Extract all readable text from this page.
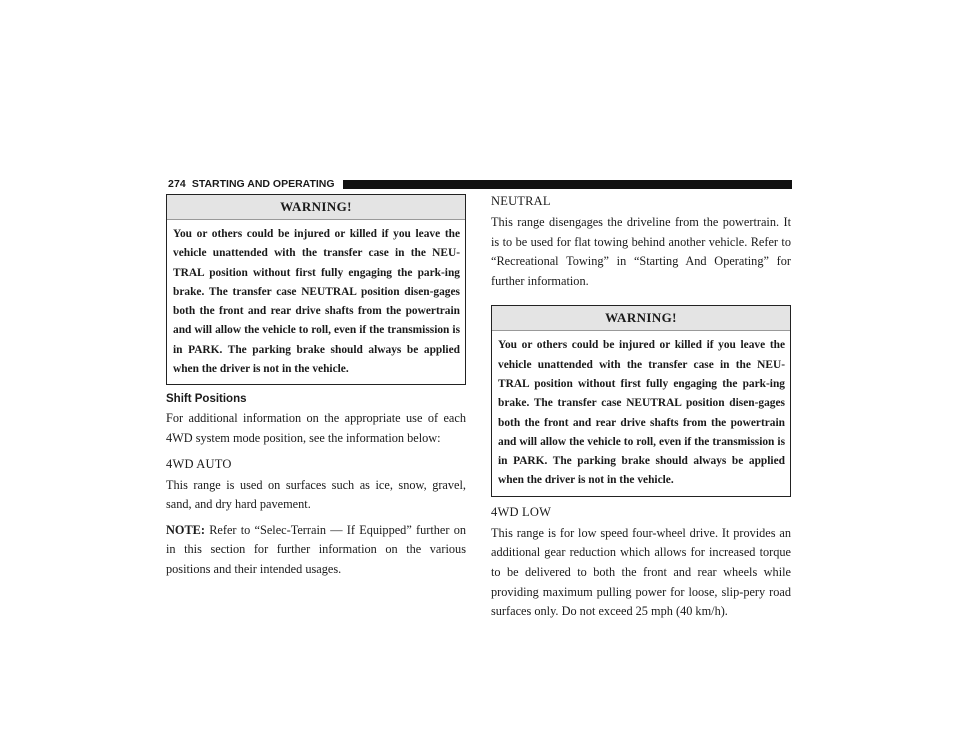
274 STARTING AND OPERATING
WARNING!
You or others could be injured or killed if you leave the vehicle unattended with the transfer case in the NEU-TRAL position without first fully engaging the park-ing brake. The transfer case NEUTRAL position disen-gages both the front and rear drive shafts from the powertrain and will allow the vehicle to roll, even if the transmission is in PARK. The parking brake should always be applied when the driver is not in the vehicle.
Shift Positions

For additional information on the appropriate use of each 4WD system mode position, see the information below:

4WD AUTO

This range is used on surfaces such as ice, snow, gravel, sand, and dry hard pavement.

NOTE: Refer to “Selec-Terrain — If Equipped” further on in this section for further information on the various positions and their intended usages.

NEUTRAL

This range disengages the driveline from the powertrain. It is to be used for flat towing behind another vehicle. Refer to “Recreational Towing” in “Starting And Operating” for further information.

WARNING!
You or others could be injured or killed if you leave the vehicle unattended with the transfer case in the NEU-TRAL position without first fully engaging the park-ing brake. The transfer case NEUTRAL position disen-gages both the front and rear drive shafts from the powertrain and will allow the vehicle to roll, even if the transmission is in PARK. The parking brake should always be applied when the driver is not in the vehicle.
4WD LOW

This range is for low speed four-wheel drive. It provides an additional gear reduction which allows for increased torque to be delivered to both the front and rear wheels while providing maximum pulling power for loose, slip-pery road surfaces only. Do not exceed 25 mph (40 km/h).
